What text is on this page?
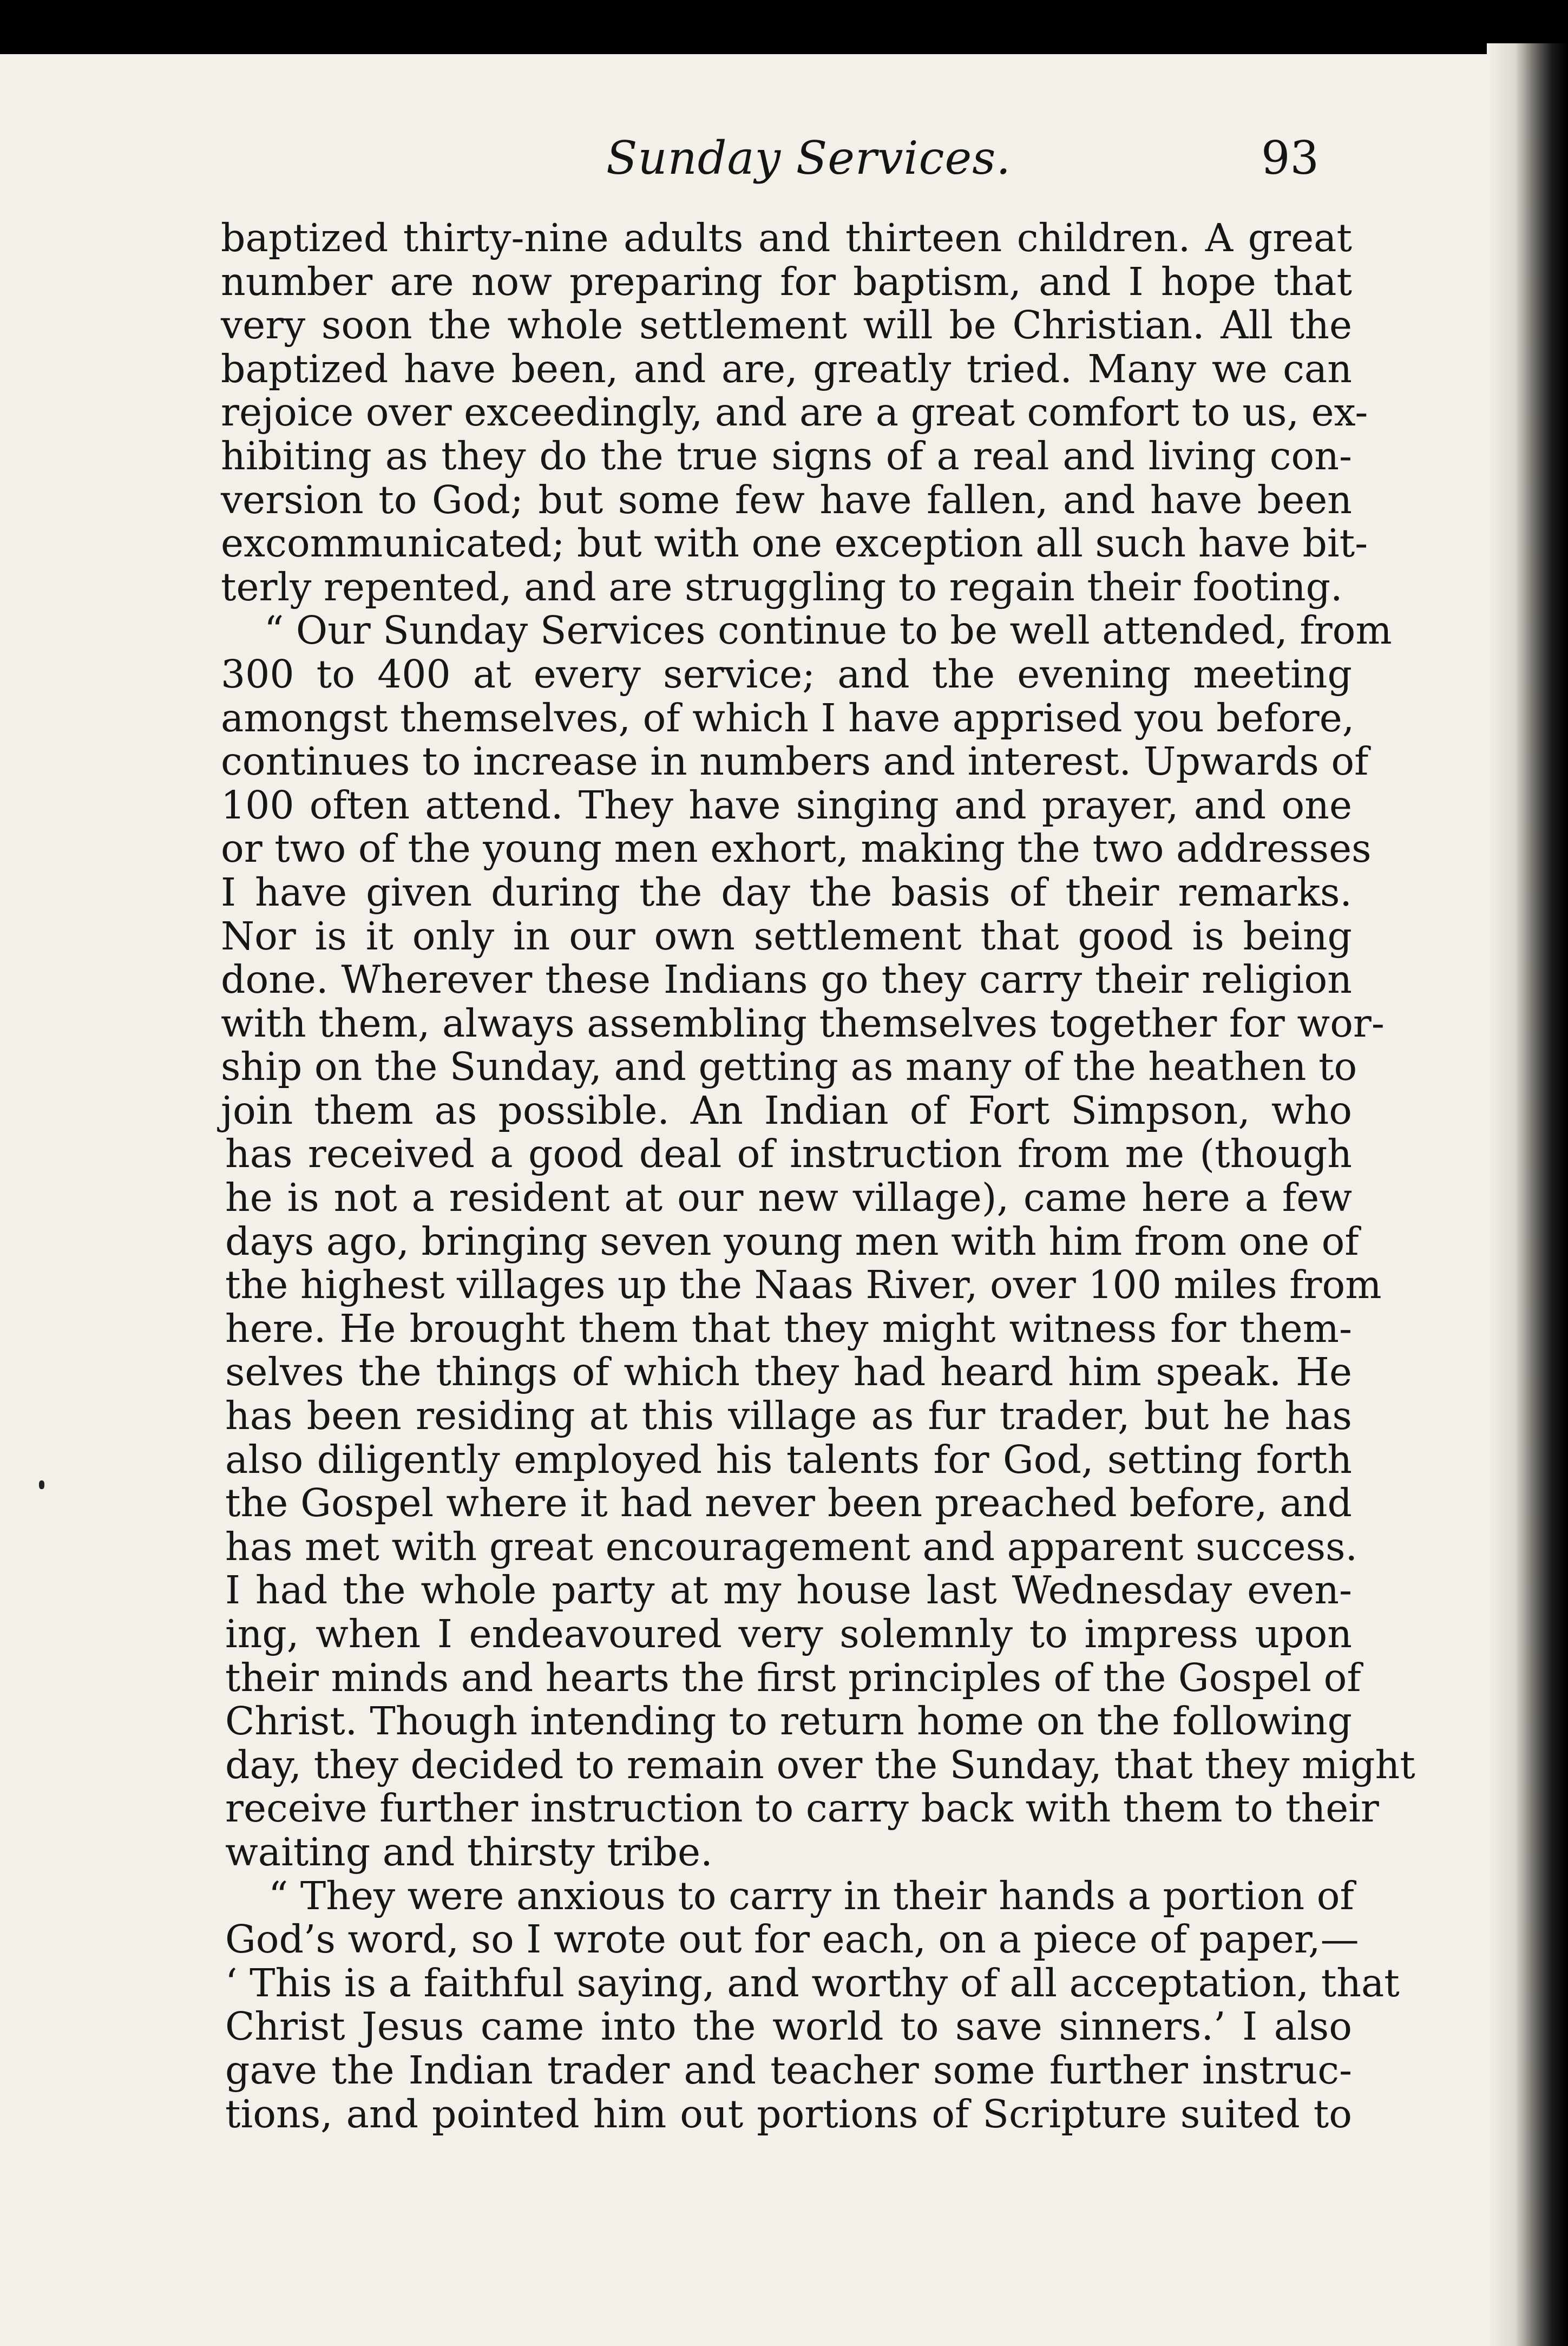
Sunday Services.	93
baptized thirty-nine adults and thirteen children. A great
number are now preparing for baptism, and I hope that
very soon the whole settlement will be Christian. All the
baptized have been, and are, greatly tried. Many we can
rejoice over exceedingly, and are a great comfort to us, ex-
hibiting as they do the true signs of a real and living con-
version to God; but some few have fallen, and have been
excommunicated; but with one exception all such have bit-
terly repented, and are struggling to regain their footing.
“ Our Sunday Services continue to be well attended, from
300 to 400 at every service; and the evening meeting
amongst themselves, of which I have apprised you before,
continues to increase in numbers and interest. Upwards of
100 often attend. They have singing and prayer, and one
or two of the young men exhort, making the two addresses
I have given during the day the basis of their remarks.
Nor is it only in our own settlement that good is being
done. Wherever these Indians go they carry their religion
with them, always assembling themselves together for wor-
ship on the Sunday, and getting as many of the heathen to
join them as possible. An Indian of Fort Simpson, who
has received a good deal of instruction from me (though
he is not a resident at our new village), came here a few
days ago, bringing seven young men with him from one of
the highest villages up the Naas River, over 100 miles from
here. He brought them that they might witness for them-
selves the things of which they had heard him speak. He
has been residing at this village as fur trader, but he has
also diligently employed his talents for God, setting forth
the Gospel where it had never been preached before, and
has met with great encouragement and apparent success.
I had the whole party at my house last Wednesday even-
ing, when I endeavoured very solemnly to impress upon
their minds and hearts the first principles of the Gospel of
Christ. Though intending to return home on the following
day, they decided to remain over the Sunday, that they might
receive further instruction to carry back with them to their
waiting and thirsty tribe.
“ They were anxious to carry in their hands a portion of
God’s word, so I wrote out for each, on a piece of paper,—
‘ This is a faithful saying, and worthy of all acceptation, that
Christ Jesus came into the world to save sinners.’ I also
gave the Indian trader and teacher some further instruc-
tions, and pointed him out portions of Scripture suited to
